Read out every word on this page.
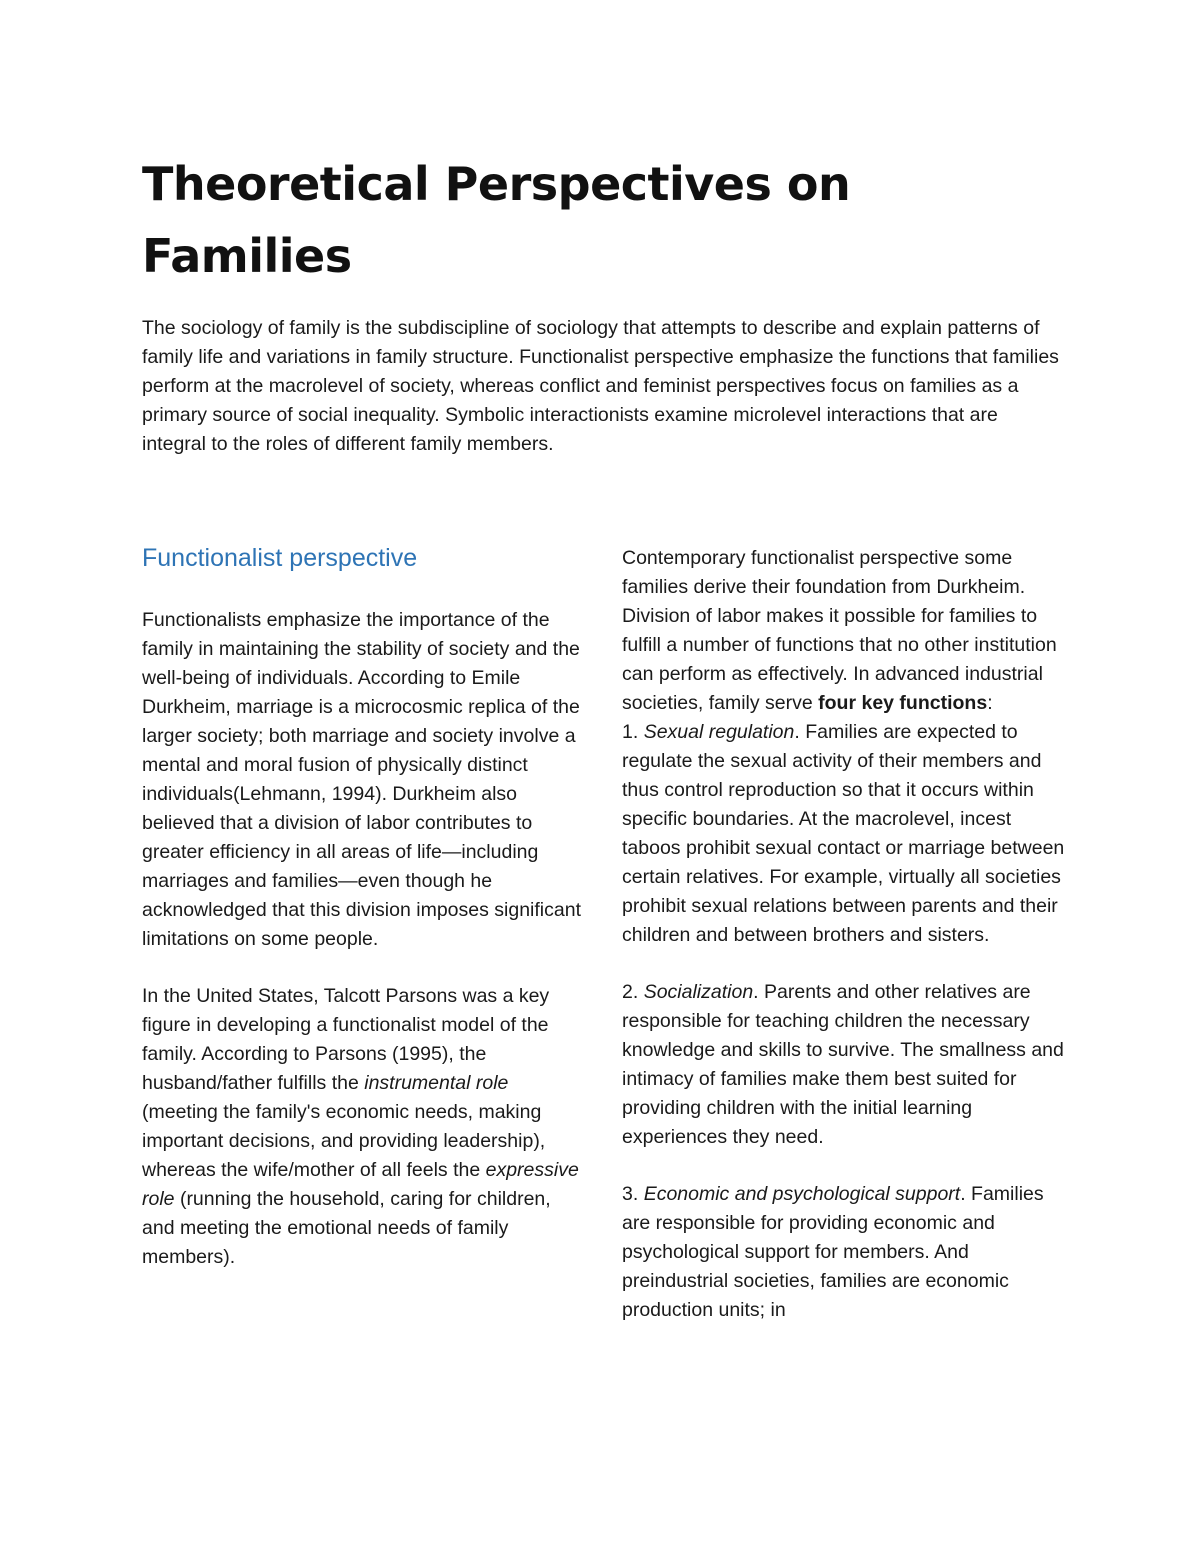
Theoretical Perspectives on
Families

The sociology of family is the subdiscipline of sociology that attempts to describe and explain patterns of family life and variations in family structure. Functionalist perspective emphasize the functions that families perform at the macrolevel of society, whereas conflict and feminist perspectives focus on families as a primary source of social inequality. Symbolic interactionists examine microlevel interactions that are integral to the roles of different family members.

Functionalist perspective

Functionalists emphasize the importance of the family in maintaining the stability of society and the well-being of individuals. According to Emile Durkheim, marriage is a microcosmic replica of the larger society; both marriage and society involve a mental and moral fusion of physically distinct individuals(Lehmann, 1994). Durkheim also believed that a division of labor contributes to greater efficiency in all areas of life—including marriages and families—even though he acknowledged that this division imposes significant limitations on some people.

In the United States, Talcott Parsons was a key figure in developing a functionalist model of the family. According to Parsons (1995), the husband/father fulfills the instrumental role (meeting the family's economic needs, making important decisions, and providing leadership), whereas the wife/mother of all feels the expressive role (running the household, caring for children, and meeting the emotional needs of family members).

Contemporary functionalist perspective some families derive their foundation from Durkheim. Division of labor makes it possible for families to fulfill a number of functions that no other institution can perform as effectively. In advanced industrial societies, family serve four key functions:
1. Sexual regulation. Families are expected to regulate the sexual activity of their members and thus control reproduction so that it occurs within specific boundaries. At the macrolevel, incest taboos prohibit sexual contact or marriage between certain relatives. For example, virtually all societies prohibit sexual relations between parents and their children and between brothers and sisters.

2. Socialization. Parents and other relatives are responsible for teaching children the necessary knowledge and skills to survive. The smallness and intimacy of families make them best suited for providing children with the initial learning experiences they need.

3. Economic and psychological support. Families are responsible for providing economic and psychological support for members. And preindustrial societies, families are economic production units; in
